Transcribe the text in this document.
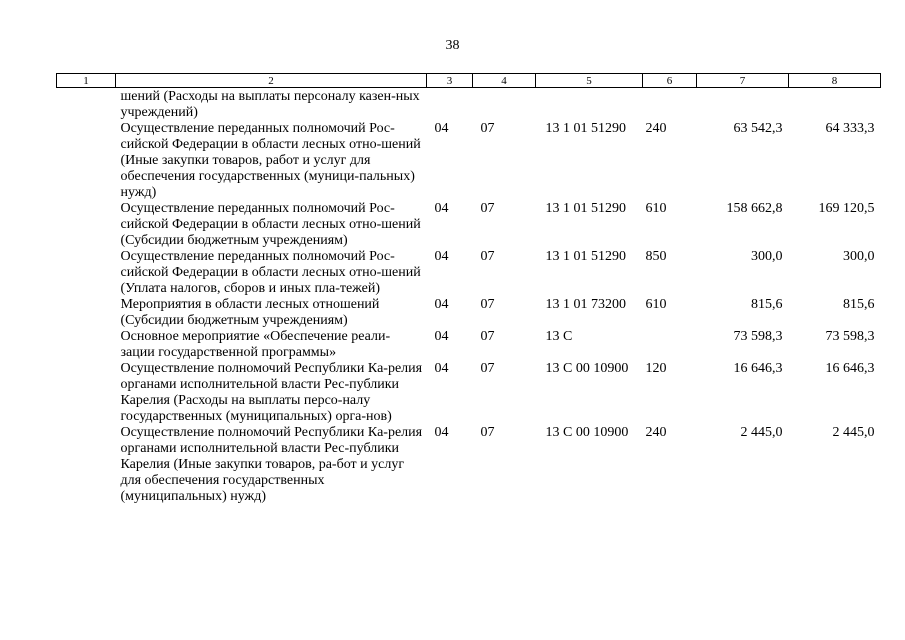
38
1	2	3	4	5	6	7	8
	шений (Расходы на выплаты персоналу казен-ных учреждений)						
	Осуществление переданных полномочий Рос-сийской Федерации в области лесных отно-шений (Иные закупки товаров, работ и услуг для обеспечения государственных (муници-пальных) нужд)	04	07	13 1 01 51290	240	63 542,3	64 333,3
	Осуществление переданных полномочий Рос-сийской Федерации в области лесных отно-шений (Субсидии бюджетным учреждениям)	04	07	13 1 01 51290	610	158 662,8	169 120,5
	Осуществление переданных полномочий Рос-сийской Федерации в области лесных отно-шений (Уплата налогов, сборов и иных пла-тежей)	04	07	13 1 01 51290	850	300,0	300,0
	Мероприятия в области лесных отношений (Субсидии бюджетным учреждениям)	04	07	13 1 01 73200	610	815,6	815,6
	Основное мероприятие «Обеспечение реали-зации государственной программы»	04	07	13 С		73 598,3	73 598,3
	Осуществление полномочий Республики Ка-релия органами исполнительной власти Рес-публики Карелия (Расходы на выплаты персо-налу государственных (муниципальных) орга-нов)	04	07	13 С 00 10900	120	16 646,3	16 646,3
	Осуществление полномочий Республики Ка-релия органами исполнительной власти Рес-публики Карелия (Иные закупки товаров, ра-бот и услуг для обеспечения государственных (муниципальных) нужд)	04	07	13 С 00 10900	240	2 445,0	2 445,0
